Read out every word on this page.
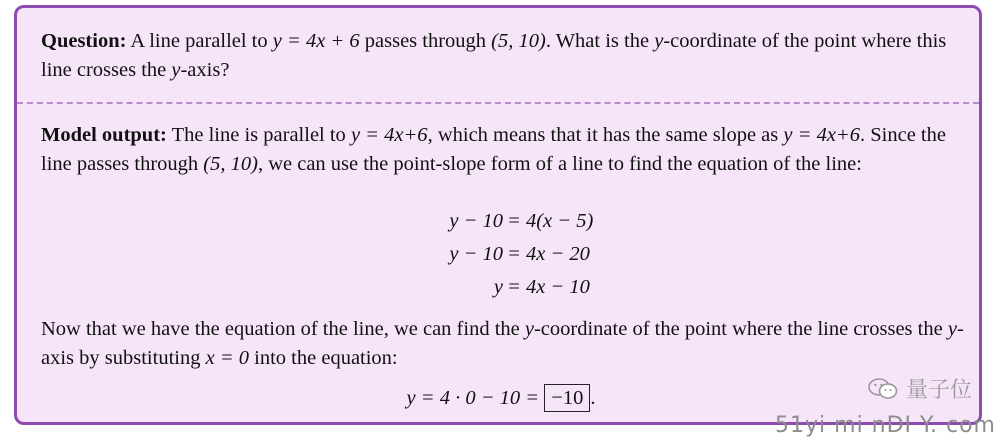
Question: A line parallel to y = 4x + 6 passes through (5, 10). What is the y-coordinate of the point where this line crosses the y-axis?
Model output: The line is parallel to y = 4x+6, which means that it has the same slope as y = 4x+6. Since the line passes through (5, 10), we can use the point-slope form of a line to find the equation of the line:
y − 10 = 4(x − 5)
y − 10 = 4x − 20
y = 4x − 10
Now that we have the equation of the line, we can find the y-coordinate of the point where the line crosses the y-axis by substituting x = 0 into the equation:
y = 4 · 0 − 10 = −10 .	量子位
51yi mi nDI Y. com
